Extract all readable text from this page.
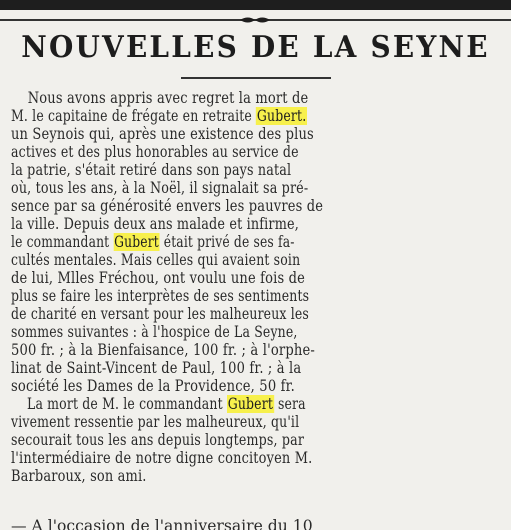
NOUVELLES DE LA SEYNE
Nous avons appris avec regret la mort de
M. le capitaine de frégate en retraite Gubert.
un Seynois qui, après une existence des plus
actives et des plus honorables au service de
la patrie, s'était retiré dans son pays natal
où, tous les ans, à la Noël, il signalait sa pré-
sence par sa générosité envers les pauvres de
la ville. Depuis deux ans malade et infirme,
le commandant Gubert était privé de ses fa-
cultés mentales. Mais celles qui avaient soin
de lui, Mlles Fréchou, ont voulu une fois de
plus se faire les interprètes de ses sentiments
de charité en versant pour les malheureux les
sommes suivantes : à l'hospice de La Seyne,
500 fr. ; à la Bienfaisance, 100 fr. ; à l'orphe-
linat de Saint-Vincent de Paul, 100 fr. ; à la
société les Dames de la Providence, 50 fr.
La mort de M. le commandant Gubert sera
vivement ressentie par les malheureux, qu'il
secourait tous les ans depuis longtemps, par
l'intermédiaire de notre digne concitoyen M.
Barbaroux, son ami.
— A l'occasion de l'anniversaire du 10
